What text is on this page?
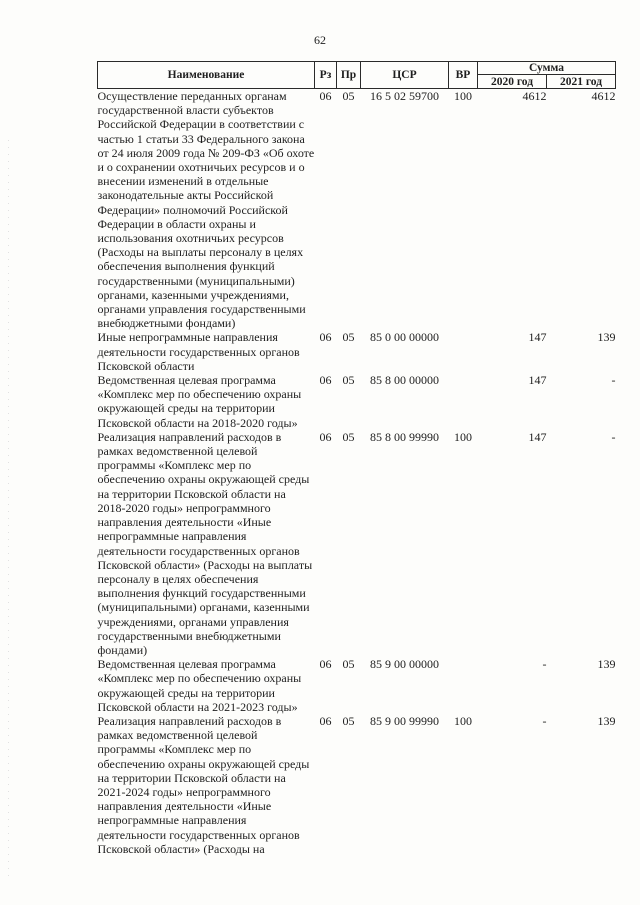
62
Наименование	Рз	Пр	ЦСР	ВР	Сумма	
					2020 год	2021 год
Осуществление переданных органам государственной власти субъектов Российской Федерации в соответствии с частью 1 статьи 33 Федерального закона от 24 июля 2009 года № 209-ФЗ «Об охоте и о сохранении охотничьих ресурсов и о внесении изменений в отдельные законодательные акты Российской Федерации» полномочий Российской Федерации в области охраны и использования охотничьих ресурсов (Расходы на выплаты персоналу в целях обеспечения выполнения функций государственными (муниципальными) органами, казенными учреждениями, органами управления государственными внебюджетными фондами)	06	05	16 5 02 59700	100	4612	4612
Иные непрограммные направления деятельности государственных органов Псковской области	06	05	85 0 00 00000		147	139
Ведомственная целевая программа «Комплекс мер по обеспечению охраны окружающей среды на территории Псковской области на 2018-2020 годы»	06	05	85 8 00 00000		147	-
Реализация направлений расходов в рамках ведомственной целевой программы «Комплекс мер по обеспечению охраны окружающей среды на территории Псковской области на 2018-2020 годы» непрограммного направления деятельности «Иные непрограммные направления деятельности государственных органов Псковской области» (Расходы на выплаты персоналу в целях обеспечения выполнения функций государственными (муниципальными) органами, казенными учреждениями, органами управления государственными внебюджетными фондами)	06	05	85 8 00 99990	100	147	-
Ведомственная целевая программа «Комплекс мер по обеспечению охраны окружающей среды на территории Псковской области на 2021-2023 годы»	06	05	85 9 00 00000		-	139
Реализация направлений расходов в рамках ведомственной целевой программы «Комплекс мер по обеспечению охраны окружающей среды на территории Псковской области на 2021-2024 годы» непрограммного направления деятельности «Иные непрограммные направления деятельности государственных органов Псковской области» (Расходы на	06	05	85 9 00 99990	100	-	139
